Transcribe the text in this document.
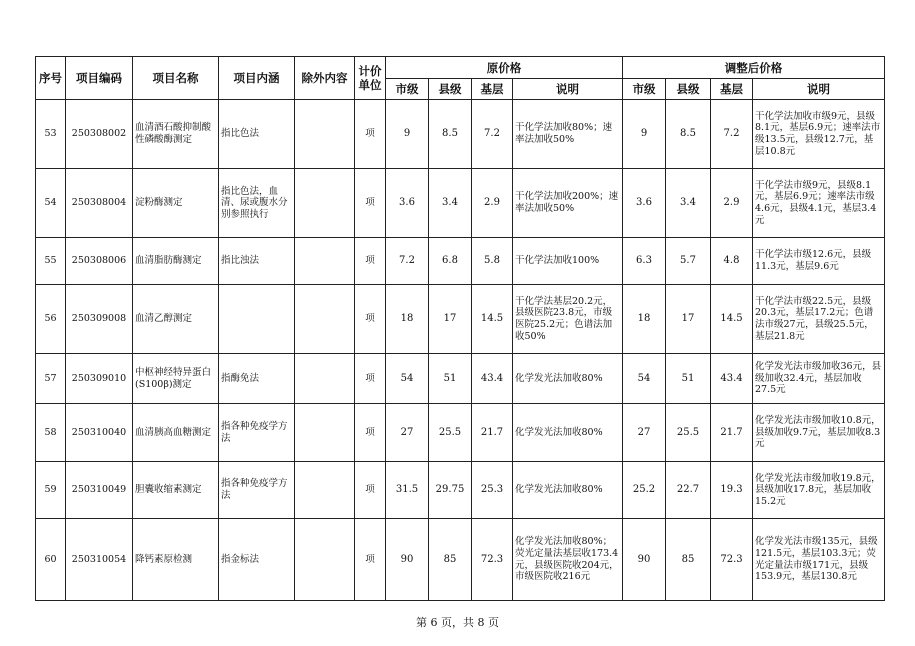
序号	项目编码	项目名称	项目内涵	除外内容	计价单位	原价格				调整后价格			
						市级	县级	基层	说明	市级	县级	基层	说明
53	250308002	血清酒石酸抑制酸性磷酸酶测定	指比色法		项	9	8.5	7.2	干化学法加收80%；速率法加收50%	9	8.5	7.2	干化学法加收市级9元，县级8.1元，基层6.9元；速率法市级13.5元，县级12.7元，基层10.8元
54	250308004	淀粉酶测定	指比色法，血清、尿或腹水分别参照执行		项	3.6	3.4	2.9	干化学法加收200%；速率法加收50%	3.6	3.4	2.9	干化学法市级9元，县级8.1元，基层6.9元；速率法市级4.6元，县级4.1元，基层3.4元
55	250308006	血清脂肪酶测定	指比浊法		项	7.2	6.8	5.8	干化学法加收100%	6.3	5.7	4.8	干化学法市级12.6元，县级11.3元，基层9.6元
56	250309008	血清乙醇测定			项	18	17	14.5	干化学法基层20.2元，县级医院23.8元，市级医院25.2元；色谱法加收50%	18	17	14.5	干化学法市级22.5元，县级20.3元，基层17.2元；色谱法市级27元，县级25.5元，基层21.8元
57	250309010	中枢神经特异蛋白(S100β)测定	指酶免法		项	54	51	43.4	化学发光法加收80%	54	51	43.4	化学发光法市级加收36元，县级加收32.4元，基层加收27.5元
58	250310040	血清胰高血糖测定	指各种免疫学方法		项	27	25.5	21.7	化学发光法加收80%	27	25.5	21.7	化学发光法市级加收10.8元，县级加收9.7元，基层加收8.3元
59	250310049	胆囊收缩素测定	指各种免疫学方法		项	31.5	29.75	25.3	化学发光法加收80%	25.2	22.7	19.3	化学发光法市级加收19.8元，县级加收17.8元，基层加收15.2元
60	250310054	降钙素原检测	指金标法		项	90	85	72.3	化学发光法加收80%；荧光定量法基层收173.4元，县级医院收204元，市级医院收216元	90	85	72.3	化学发光法市级135元，县级121.5元，基层103.3元；荧光定量法市级171元，县级153.9元，基层130.8元
第 6 页，共 8 页
